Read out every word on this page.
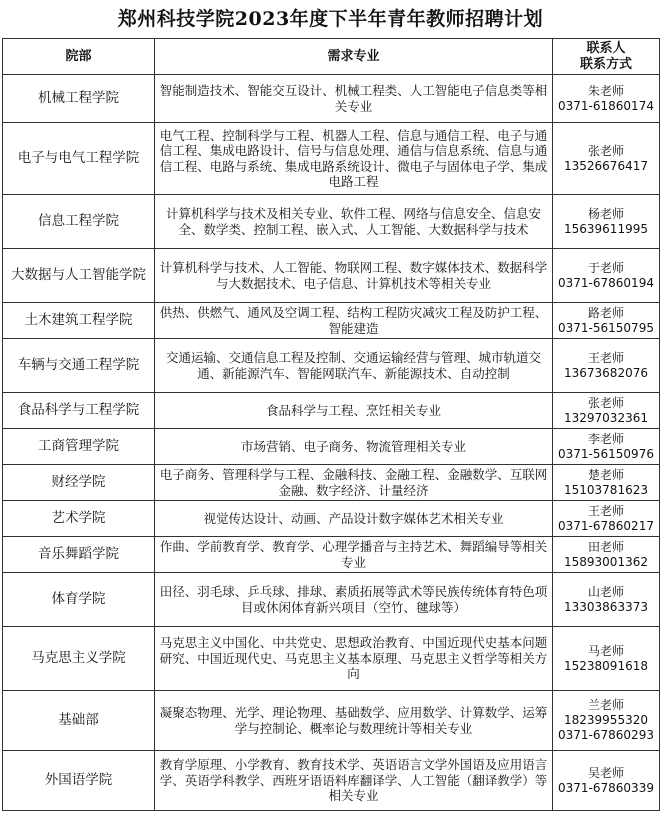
郑州科技学院2023年度下半年青年教师招聘计划
院部	需求专业	联系人
联系方式

机械工程学院	智能制造技术、智能交互设计、机械工程类、人工智能电子信息类等相关专业	朱老师
0371-61860174

电子与电气工程学院	电气工程、控制科学与工程、机器人工程、信息与通信工程、电子与通信工程、集成电路设计、信号与信息处理、通信与信息系统、信息与通信工程、电路与系统、集成电路系统设计、微电子与固体电子学、集成电路工程	张老师
13526676417

信息工程学院	计算机科学与技术及相关专业、软件工程、网络与信息安全、信息安全、数学类、控制工程、嵌入式、人工智能、大数据科学与技术	杨老师
15639611995

大数据与人工智能学院	计算机科学与技术、人工智能、物联网工程、数字媒体技术、数据科学与大数据技术、电子信息、计算机技术等相关专业	于老师
0371-67860194

土木建筑工程学院	供热、供燃气、通风及空调工程、结构工程防灾减灾工程及防护工程、智能建造	路老师
0371-56150795

车辆与交通工程学院	交通运输、交通信息工程及控制、交通运输经营与管理、城市轨道交通、新能源汽车、智能网联汽车、新能源技术、自动控制	王老师
13673682076

食品科学与工程学院	食品科学与工程、烹饪相关专业	张老师
13297032361

工商管理学院	市场营销、电子商务、物流管理相关专业	李老师
0371-56150976

财经学院	电子商务、管理科学与工程、金融科技、金融工程、金融数学、互联网金融、数字经济、计量经济	楚老师
15103781623

艺术学院	视觉传达设计、动画、产品设计数字媒体艺术相关专业	王老师
0371-67860217

音乐舞蹈学院	作曲、学前教育学、教育学、心理学播音与主持艺术、舞蹈编导等相关专业	田老师
15893001362

体育学院	田径、羽毛球、乒乓球、排球、素质拓展等武术等民族传统体育特色项目或休闲体育新兴项目（空竹、毽球等）	山老师
13303863373

马克思主义学院	马克思主义中国化、中共党史、思想政治教育、中国近现代史基本问题研究、中国近现代史、马克思主义基本原理、马克思主义哲学等相关方向	马老师
15238091618

基础部	凝聚态物理、光学、理论物理、基础数学、应用数学、计算数学、运筹学与控制论、概率论与数理统计等相关专业	兰老师
18239955320
0371-67860293

外国语学院	教育学原理、小学教育、教育技术学、英语语言文学外国语及应用语言学、英语学科教学、西班牙语语料库翻译学、人工智能（翻译教学）等相关专业	吴老师
0371-67860339
